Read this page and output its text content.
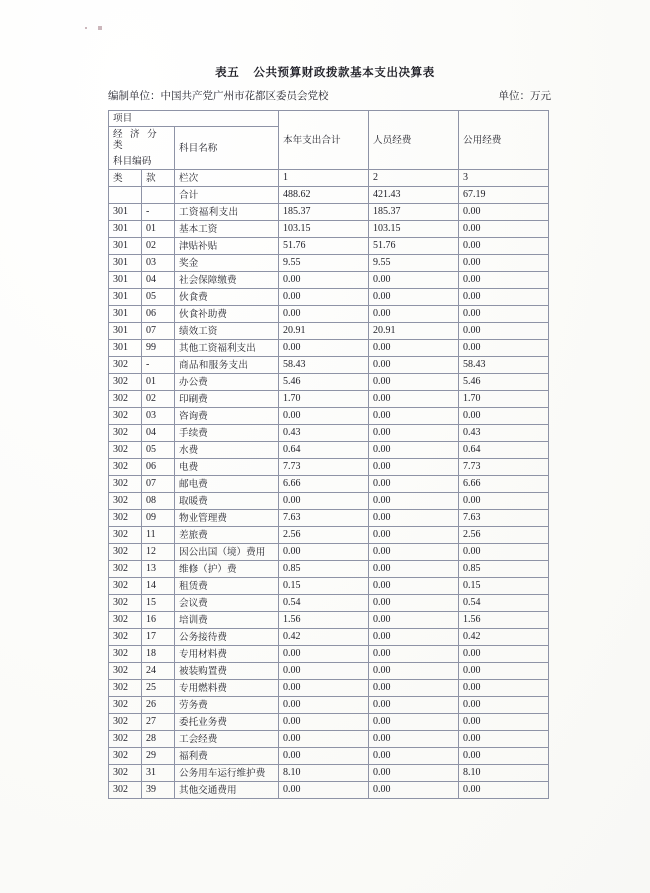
表五 公共预算财政拨款基本支出决算表
编制单位：中国共产党广州市花都区委员会党校	单位：万元
项目			本年支出合计	人员经费	公用经费

经 济 分 类
科目编码		科目名称			
类	款	栏次	1	2	3
		合计	488.62	421.43	67.19
301	-	工资福利支出	185.37	185.37	0.00
301	01	基本工资	103.15	103.15	0.00
301	02	津贴补贴	51.76	51.76	0.00
301	03	奖金	9.55	9.55	0.00
301	04	社会保障缴费	0.00	0.00	0.00
301	05	伙食费	0.00	0.00	0.00
301	06	伙食补助费	0.00	0.00	0.00
301	07	绩效工资	20.91	20.91	0.00
301	99	其他工资福利支出	0.00	0.00	0.00
302	-	商品和服务支出	58.43	0.00	58.43
302	01	办公费	5.46	0.00	5.46
302	02	印刷费	1.70	0.00	1.70
302	03	咨询费	0.00	0.00	0.00
302	04	手续费	0.43	0.00	0.43
302	05	水费	0.64	0.00	0.64
302	06	电费	7.73	0.00	7.73
302	07	邮电费	6.66	0.00	6.66
302	08	取暖费	0.00	0.00	0.00
302	09	物业管理费	7.63	0.00	7.63
302	11	差旅费	2.56	0.00	2.56
302	12	因公出国（境）费用	0.00	0.00	0.00
302	13	维修（护）费	0.85	0.00	0.85
302	14	租赁费	0.15	0.00	0.15
302	15	会议费	0.54	0.00	0.54
302	16	培训费	1.56	0.00	1.56
302	17	公务接待费	0.42	0.00	0.42
302	18	专用材料费	0.00	0.00	0.00
302	24	被装购置费	0.00	0.00	0.00
302	25	专用燃料费	0.00	0.00	0.00
302	26	劳务费	0.00	0.00	0.00
302	27	委托业务费	0.00	0.00	0.00
302	28	工会经费	0.00	0.00	0.00
302	29	福利费	0.00	0.00	0.00
302	31	公务用车运行维护费	8.10	0.00	8.10
302	39	其他交通费用	0.00	0.00	0.00
